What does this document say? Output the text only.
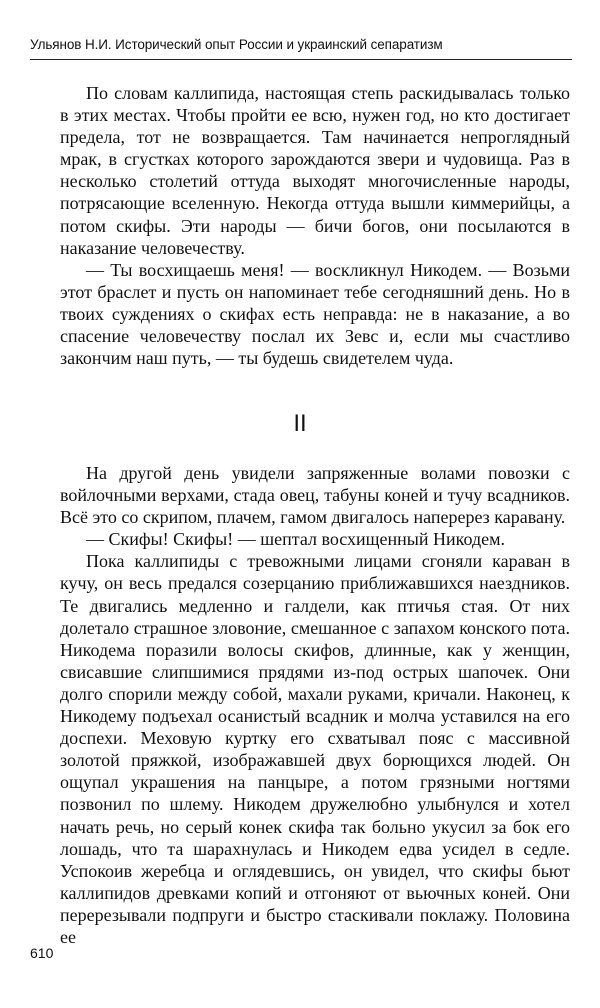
Ульянов Н.И. Исторический опыт России и украинский сепаратизм

По словам каллипида, настоящая степь раскидывалась только в этих местах. Чтобы пройти ее всю, нужен год, но кто достигает предела, тот не возвращается. Там начинается непроглядный мрак, в сгустках которого зарождаются звери и чудовища. Раз в несколько столетий оттуда выходят многочисленные народы, потрясающие вселенную. Некогда оттуда вышли киммерийцы, а потом скифы. Эти народы — бичи богов, они посылаются в наказание человечеству.

— Ты восхищаешь меня! — воскликнул Никодем. — Возьми этот браслет и пусть он напоминает тебе сегодняшний день. Но в твоих суждениях о скифах есть неправда: не в наказание, а во спасение человечеству послал их Зевс и, если мы счастливо закончим наш путь, — ты будешь свидетелем чуда.

II

На другой день увидели запряженные волами повозки с войлочными верхами, стада овец, табуны коней и тучу всадников. Всё это со скрипом, плачем, гамом двигалось наперерез каравану.

— Скифы! Скифы! — шептал восхищенный Никодем.

Пока каллипиды с тревожными лицами сгоняли караван в кучу, он весь предался созерцанию приближавшихся наездников. Те двигались медленно и галдели, как птичья стая. От них долетало страшное зловоние, смешанное с запахом конского пота. Никодема поразили волосы скифов, длинные, как у женщин, свисавшие слипшимися прядями из-под острых шапочек. Они долго спорили между собой, махали руками, кричали. Наконец, к Никодему подъехал осанистый всадник и молча уставился на его доспехи. Меховую куртку его схватывал пояс с массивной золотой пряжкой, изображавшей двух борющихся людей. Он ощупал украшения на панцыре, а потом грязными ногтями позвонил по шлему. Никодем дружелюбно улыбнулся и хотел начать речь, но серый конек скифа так больно укусил за бок его лошадь, что та шарахнулась и Никодем едва усидел в седле. Успокоив жеребца и оглядевшись, он увидел, что скифы бьют каллипидов древками копий и отгоняют от вьючных коней. Они перерезывали подпруги и быстро стаскивали поклажу. Половина ее

610
